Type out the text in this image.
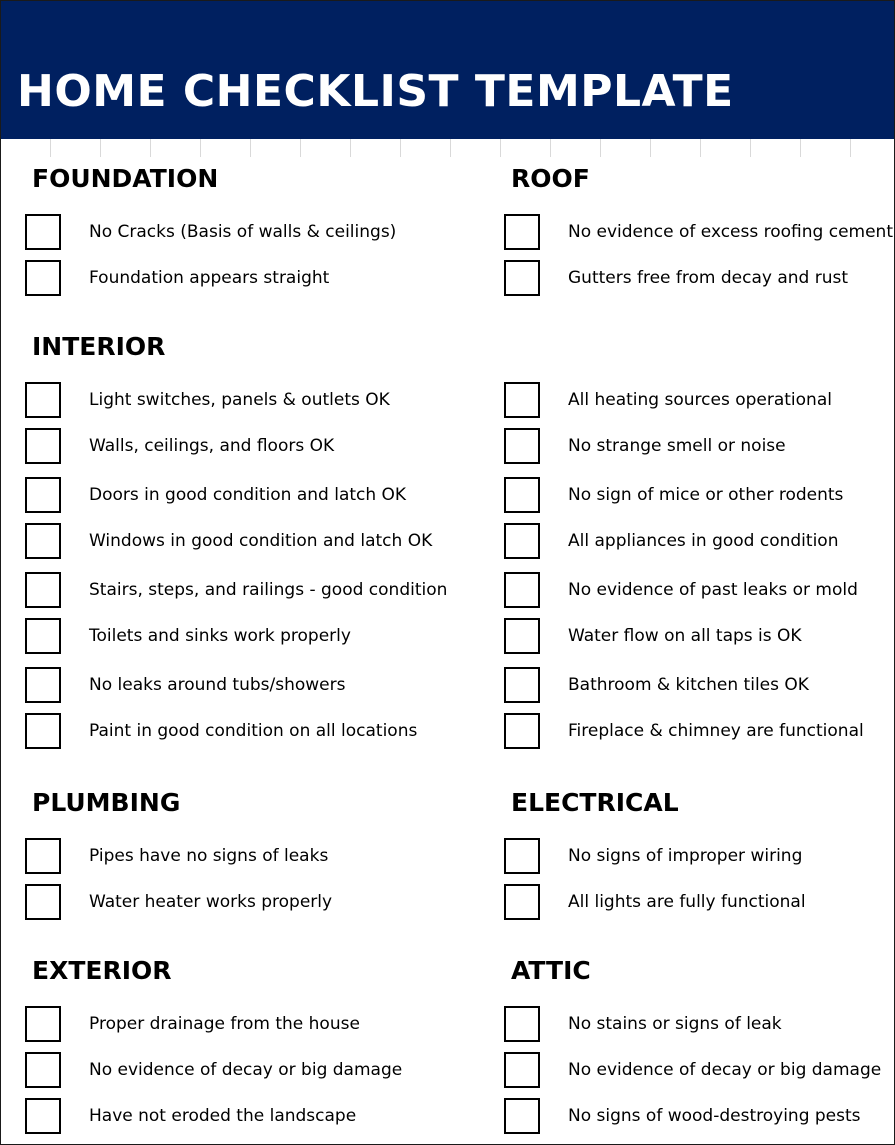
HOME CHECKLIST TEMPLATE
FOUNDATION
No Cracks (Basis of walls & ceilings)
Foundation appears straight
ROOF
No evidence of excess roofing cement
Gutters free from decay and rust
INTERIOR
Light switches, panels & outlets OK
Walls, ceilings, and floors OK
Doors in good condition and latch OK
Windows in good condition and latch OK
Stairs, steps, and railings - good condition
Toilets and sinks work properly
No leaks around tubs/showers
Paint in good condition on all locations
All heating sources operational
No strange smell or noise
No sign of mice or other rodents
All appliances in good condition
No evidence of past leaks or mold
Water flow on all taps is OK
Bathroom & kitchen tiles OK
Fireplace & chimney are functional
PLUMBING
Pipes have no signs of leaks
Water heater works properly
ELECTRICAL
No signs of improper wiring
All lights are fully functional
EXTERIOR
Proper drainage from the house
No evidence of decay or big damage
Have not eroded the landscape
ATTIC
No stains or signs of leak
No evidence of decay or big damage
No signs of wood-destroying pests
